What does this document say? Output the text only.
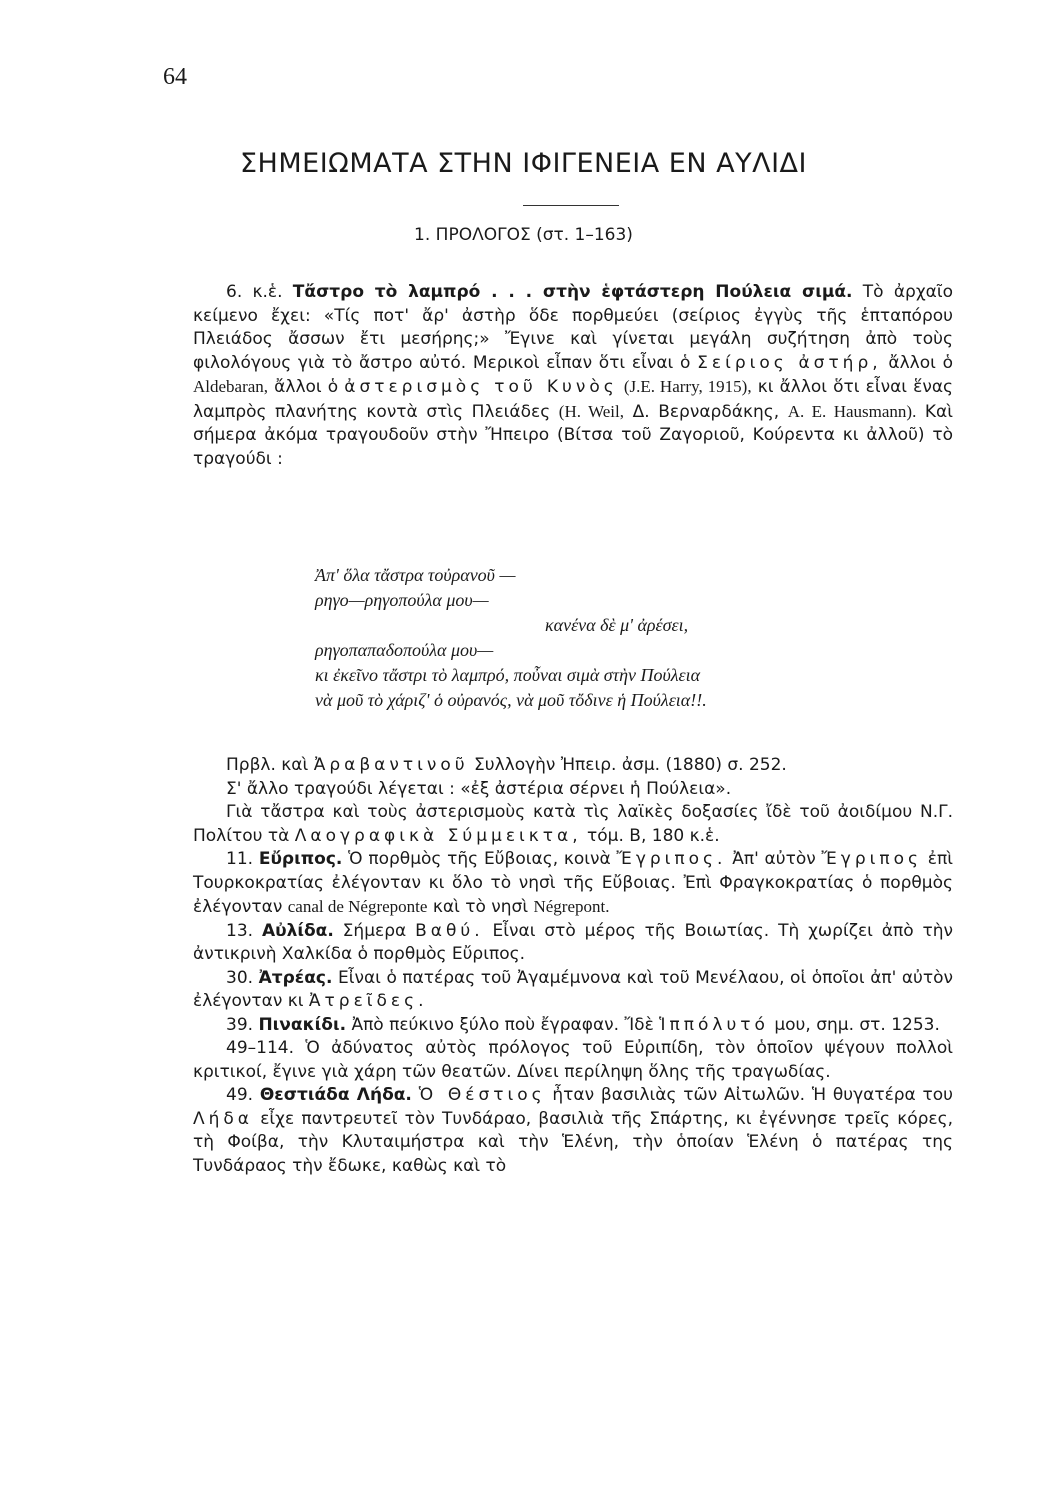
64
ΣΗΜΕΙΩΜΑΤΑ ΣΤΗΝ ΙΦΙΓΕΝΕΙΑ ΕΝ ΑΥΛΙΔΙ
1. ΠΡΟΛΟΓΟΣ (στ. 1–163)

6. κ.ἑ. Τἄστρο τὸ λαμπρό . . . στὴν ἑφτάστερη Πούλεια σιμά. Τὸ ἀρχαῖο κείμενο ἔχει: «Τίς ποτ' ἄρ' ἀστὴρ ὅδε πορθμεύει (σείριος ἐγγὺς τῆς ἑπταπόρου Πλειάδος ἄσσων ἔτι μεσήρης;» Ἔγινε καὶ γίνεται μεγάλη συζήτηση ἀπὸ τοὺς φιλολόγους γιὰ τὸ ἄστρο αὐτό. Μερικοὶ εἶπαν ὅτι εἶναι ὁ Σείριος ἀστήρ, ἄλλοι ὁ Aldebaran, ἄλλοι ὁ ἀστερισμὸς τοῦ Κυνὸς (J.E. Harry, 1915), κι ἄλλοι ὅτι εἶναι ἕνας λαμπρὸς πλανήτης κοντὰ στὶς Πλειάδες (H. Weil, Δ. Βερναρδάκης, A. E. Hausmann). Καὶ σήμερα ἀκόμα τραγουδοῦν στὴν Ἤπειρο (Βίτσα τοῦ Ζαγοριοῦ, Κούρεντα κι ἀλλοῦ) τὸ τραγούδι :

Ἀπ' ὅλα τἄστρα τοὐρανοῦ —
ρηγο—ρηγοπούλα μου—
κανένα δὲ μ' ἀρέσει,
ρηγοπαπαδοπούλα μου—
κι ἐκεῖνο τἄστρι τὸ λαμπρό, ποὖναι σιμὰ στὴν Πούλεια
νὰ μοῦ τὸ χάριζ' ὁ οὐρανός, νὰ μοῦ τὄδινε ἡ Πούλεια!!.

Πρβλ. καὶ Ἀραβαντινοῦ Συλλογὴν Ἠπειρ. ἀσμ. (1880) σ. 252.

Σ' ἄλλο τραγούδι λέγεται : «ἐξ ἀστέρια σέρνει ἡ Πούλεια».

Γιὰ τἄστρα καὶ τοὺς ἀστερισμοὺς κατὰ τὶς λαϊκὲς δοξασίες ἴδὲ τοῦ ἀοιδίμου Ν.Γ. Πολίτου τὰ Λαογραφικὰ Σύμμεικτα, τόμ. Β, 180 κ.ἑ.

11. Εὔριπος. Ὁ πορθμὸς τῆς Εὔβοιας, κοινὰ Ἔγριπος. Ἀπ' αὐτὸν Ἔγριπος ἐπὶ Τουρκοκρατίας ἐλέγονταν κι ὅλο τὸ νησὶ τῆς Εὔβοιας. Ἐπὶ Φραγκοκρατίας ὁ πορθμὸς ἐλέγονταν canal de Négreponte καὶ τὸ νησὶ Négrepont.

13. Αὐλίδα. Σήμερα Βαθύ. Εἶναι στὸ μέρος τῆς Βοιωτίας. Τὴ χωρίζει ἀπὸ τὴν ἀντικρινὴ Χαλκίδα ὁ πορθμὸς Εὔριπος.

30. Ἀτρέας. Εἶναι ὁ πατέρας τοῦ Ἀγαμέμνονα καὶ τοῦ Μενέλαου, οἱ ὁποῖοι ἀπ' αὐτὸν ἐλέγονταν κι Ἀτρεῖδες.

39. Πινακίδι. Ἀπὸ πεύκινο ξύλο ποὺ ἔγραφαν. Ἴδὲ Ἱππόλυτό μου, σημ. στ. 1253.

49–114. Ὁ ἀδύνατος αὐτὸς πρόλογος τοῦ Εὐριπίδη, τὸν ὁποῖον ψέγουν πολλοὶ κριτικοί, ἔγινε γιὰ χάρη τῶν θεατῶν. Δίνει περίληψη ὅλης τῆς τραγωδίας.

49. Θεστιάδα Λήδα. Ὁ Θέστιος ἦταν βασιλιὰς τῶν Αἰτωλῶν. Ἡ θυγατέρα του Λήδα εἶχε παντρευτεῖ τὸν Τυνδάραο, βασιλιὰ τῆς Σπάρτης, κι ἐγέννησε τρεῖς κόρες, τὴ Φοίβα, τὴν Κλυταιμήστρα καὶ τὴν Ἑλένη, τὴν ὁποίαν Ἑλένη ὁ πατέρας της Τυνδάραος τὴν ἔδωκε, καθὼς καὶ τὸ
